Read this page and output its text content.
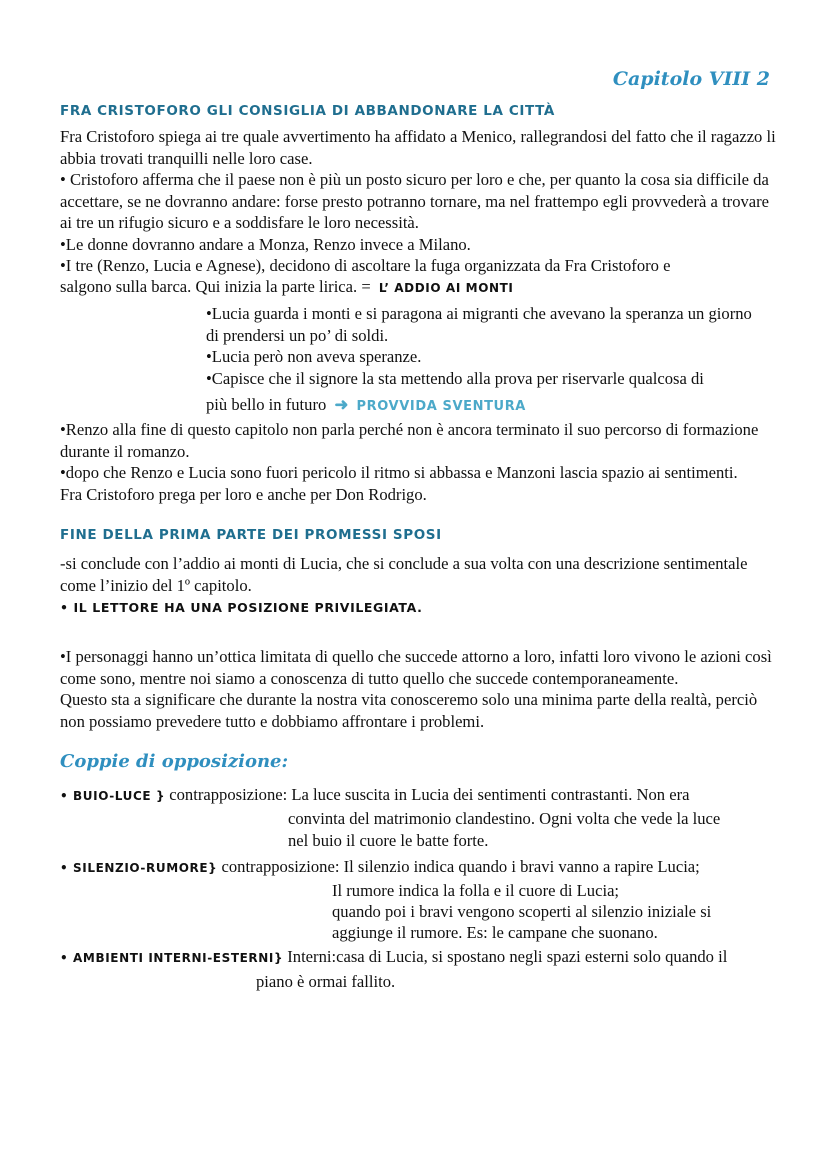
Capitolo VIII 2
FRA CRISTOFORO GLI CONSIGLIA DI ABBANDONARE LA CITTÀ
Fra Cristoforo spiega ai tre quale avvertimento ha affidato a Menico, rallegrandosi del fatto che il ragazzo li abbia trovati tranquilli nelle loro case.
• Cristoforo afferma che il paese non è più un posto sicuro per loro e che, per quanto la cosa sia difficile da accettare, se ne dovranno andare: forse presto potranno tornare, ma nel frattempo egli provvederà a trovare ai tre un rifugio sicuro e a soddisfare le loro necessità.
•Le donne dovranno andare a Monza, Renzo invece a Milano.
•I tre (Renzo, Lucia e Agnese), decidono di ascoltare la fuga organizzata da Fra Cristoforo e
salgono sulla barca. Qui inizia la parte lirica. = L’ ADDIO AI MONTI
•Lucia guarda i monti e si paragona ai migranti che avevano la speranza un giorno di prendersi un po’ di soldi.
•Lucia però non aveva speranze.
•Capisce che il signore la sta mettendo alla prova per riservarle qualcosa di
più bello in futuro ➜ PROVVIDA SVENTURA
•Renzo alla fine di questo capitolo non parla perché non è ancora terminato il suo percorso di formazione durante il romanzo.
•dopo che Renzo e Lucia sono fuori pericolo il ritmo si abbassa e Manzoni lascia spazio ai sentimenti.
Fra Cristoforo prega per loro e anche per Don Rodrigo.
FINE DELLA PRIMA PARTE DEI PROMESSI SPOSI
-si conclude con l’addio ai monti di Lucia, che si conclude a sua volta con una descrizione sentimentale come l’inizio del 1º capitolo.
• IL LETTORE HA UNA POSIZIONE PRIVILEGIATA.
•I personaggi hanno un’ottica limitata di quello che succede attorno a loro, infatti loro vivono le azioni così come sono, mentre noi siamo a conoscenza di tutto quello che succede contemporaneamente.
Questo sta a significare che durante la nostra vita conosceremo solo una minima parte della realtà, perciò non possiamo prevedere tutto e dobbiamo affrontare i problemi.
Coppie di opposizione:
• BUIO-LUCE } contrapposizione: La luce suscita in Lucia dei sentimenti contrastanti. Non era
convinta del matrimonio clandestino. Ogni volta che vede la luce
nel buio il cuore le batte forte.
• SILENZIO-RUMORE} contrapposizione: Il silenzio indica quando i bravi vanno a rapire Lucia;
Il rumore indica la folla e il cuore di Lucia;
quando poi i bravi vengono scoperti al silenzio iniziale si
aggiunge il rumore. Es: le campane che suonano.
• AMBIENTI INTERNI-ESTERNI} Interni:casa di Lucia, si spostano negli spazi esterni solo quando il
piano è ormai fallito.
